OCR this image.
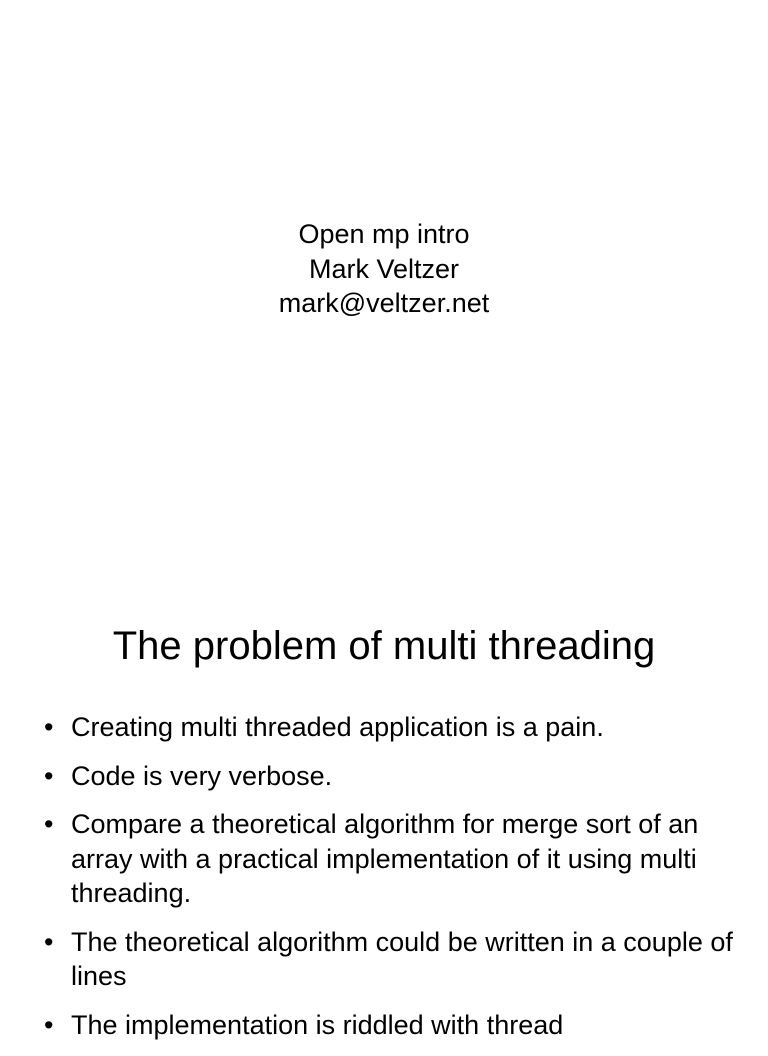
Open mp intro
Mark Veltzer
mark@veltzer.net
The problem of multi threading
• Creating multi threaded application is a pain.
• Code is very verbose.
• Compare a theoretical algorithm for merge sort of an array with a practical implementation of it using multi threading.
• The theoretical algorithm could be written in a couple of lines
• The implementation is riddled with thread
